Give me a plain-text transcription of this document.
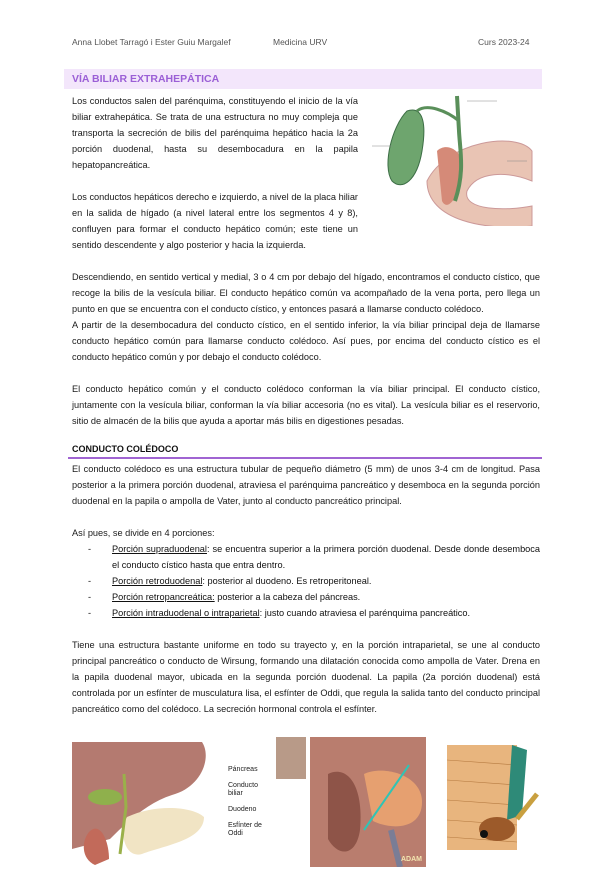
Anna Llobet Tarragó i Ester Guiu Margalef	Medicina URV	Curs 2023-24
VÍA BILIAR EXTRAHEPÁTICA
Los conductos salen del parénquima, constituyendo el inicio de la vía biliar extrahepática. Se trata de una estructura no muy compleja que transporta la secreción de bilis del parénquima hepático hacia la 2a porción duodenal, hasta su desembocadura en la papila hepatopancreática.
Los conductos hepáticos derecho e izquierdo, a nivel de la placa hiliar en la salida de hígado (a nivel lateral entre los segmentos 4 y 8), confluyen para formar el conducto hepático común; este tiene un sentido descendente y algo posterior y hacia la izquierda.
Descendiendo, en sentido vertical y medial, 3 o 4 cm por debajo del hígado, encontramos el conducto cístico, que recoge la bilis de la vesícula biliar. El conducto hepático común va acompañado de la vena porta, pero llega un punto en que se encuentra con el conducto cístico, y entonces pasará a llamarse conducto colédoco.
A partir de la desembocadura del conducto cístico, en el sentido inferior, la vía biliar principal deja de llamarse conducto hepático común para llamarse conducto colédoco. Así pues, por encima del conducto cístico es el conducto hepático común y por debajo el conducto colédoco.
El conducto hepático común y el conducto colédoco conforman la vía biliar principal. El conducto cístico, juntamente con la vesícula biliar, conforman la vía biliar accesoria (no es vital). La vesícula biliar es el reservorio, sitio de almacén de la bilis que ayuda a aportar más bilis en digestiones pesadas.
CONDUCTO COLÉDOCO
El conducto colédoco es una estructura tubular de pequeño diámetro (5 mm) de unos 3-4 cm de longitud. Pasa posterior a la primera porción duodenal, atraviesa el parénquima pancreático y desemboca en la segunda porción duodenal en la papila o ampolla de Vater, junto al conducto pancreático principal.
Así pues, se divide en 4 porciones:
- Porción supraduodenal: se encuentra superior a la primera porción duodenal. Desde donde desemboca el conducto cístico hasta que entra dentro.
- Porción retroduodenal: posterior al duodeno. Es retroperitoneal.
- Porción retropancreática: posterior a la cabeza del páncreas.
- Porción intraduodenal o intraparietal: justo cuando atraviesa el parénquima pancreático.
Tiene una estructura bastante uniforme en todo su trayecto y, en la porción intraparietal, se une al conducto principal pancreático o conducto de Wirsung, formando una dilatación conocida como ampolla de Vater. Drena en la papila duodenal mayor, ubicada en la segunda porción duodenal. La papila (2a porción duodenal) está controlada por un esfínter de musculatura lisa, el esfínter de Oddi, que regula la salida tanto del conducto principal pancreático como del colédoco. La secreción hormonal controla el esfínter.
Páncreas
Conducto biliar
Duodeno
Esfínter de Oddi
ADAM
